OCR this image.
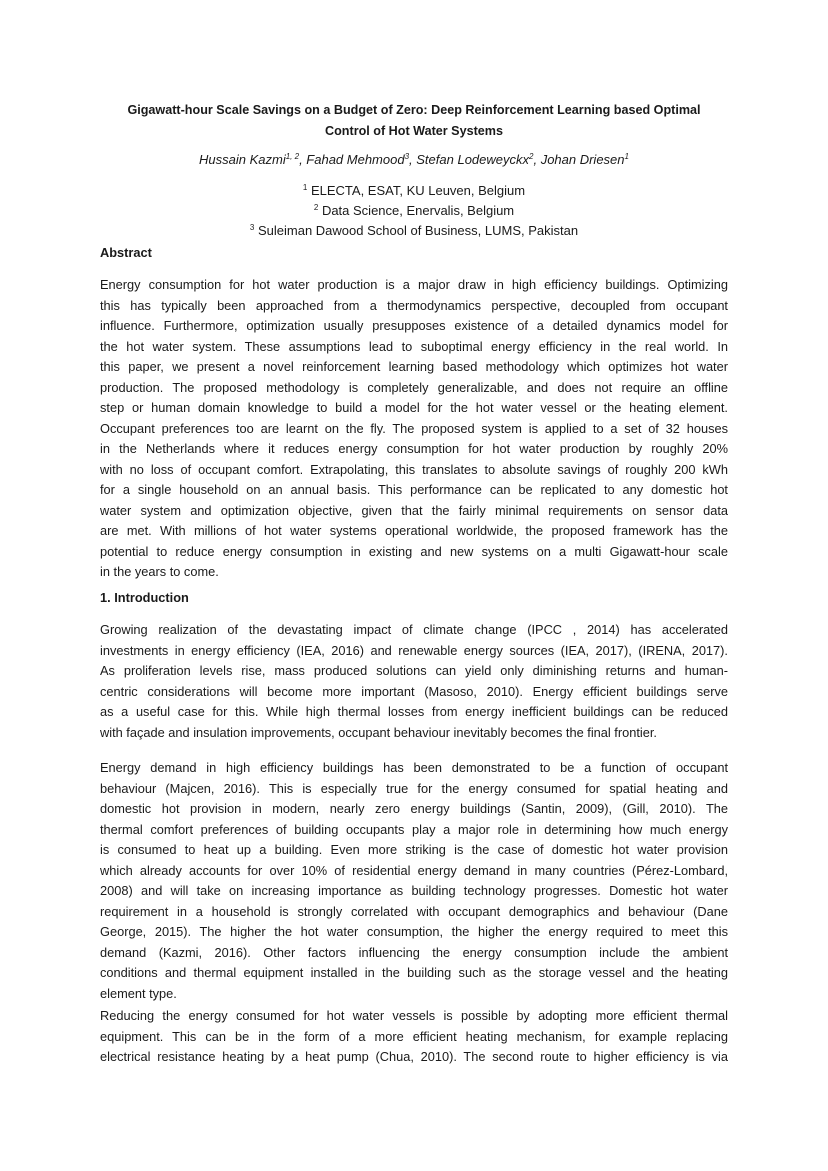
Gigawatt-hour Scale Savings on a Budget of Zero: Deep Reinforcement Learning based Optimal
Control of Hot Water Systems
Hussain Kazmi$^{1, 2}$, Fahad Mehmood$^3$, Stefan Lodeweyckx$^2$, Johan Driesen$^1$
$^1$ ELECTA, ESAT, KU Leuven, Belgium
$^2$ Data Science, Enervalis, Belgium
$^3$ Suleiman Dawood School of Business, LUMS, Pakistan
Abstract
Energy consumption for hot water production is a major draw in high efficiency buildings. Optimizing
this has typically been approached from a thermodynamics perspective, decoupled from occupant
influence. Furthermore, optimization usually presupposes existence of a detailed dynamics model for
the hot water system. These assumptions lead to suboptimal energy efficiency in the real world. In
this paper, we present a novel reinforcement learning based methodology which optimizes hot water
production. The proposed methodology is completely generalizable, and does not require an offline
step or human domain knowledge to build a model for the hot water vessel or the heating element.
Occupant preferences too are learnt on the fly. The proposed system is applied to a set of 32 houses
in the Netherlands where it reduces energy consumption for hot water production by roughly 20%
with no loss of occupant comfort. Extrapolating, this translates to absolute savings of roughly 200 kWh
for a single household on an annual basis. This performance can be replicated to any domestic hot
water system and optimization objective, given that the fairly minimal requirements on sensor data
are met. With millions of hot water systems operational worldwide, the proposed framework has the
potential to reduce energy consumption in existing and new systems on a multi Gigawatt-hour scale
in the years to come.
1. Introduction
Growing realization of the devastating impact of climate change (IPCC , 2014) has accelerated
investments in energy efficiency (IEA, 2016) and renewable energy sources (IEA, 2017), (IRENA, 2017).
As proliferation levels rise, mass produced solutions can yield only diminishing returns and human-
centric considerations will become more important (Masoso, 2010). Energy efficient buildings serve
as a useful case for this. While high thermal losses from energy inefficient buildings can be reduced
with façade and insulation improvements, occupant behaviour inevitably becomes the final frontier.
Energy demand in high efficiency buildings has been demonstrated to be a function of occupant
behaviour (Majcen, 2016). This is especially true for the energy consumed for spatial heating and
domestic hot provision in modern, nearly zero energy buildings (Santin, 2009), (Gill, 2010). The
thermal comfort preferences of building occupants play a major role in determining how much energy
is consumed to heat up a building. Even more striking is the case of domestic hot water provision
which already accounts for over 10% of residential energy demand in many countries (Pérez-Lombard,
2008) and will take on increasing importance as building technology progresses. Domestic hot water
requirement in a household is strongly correlated with occupant demographics and behaviour (Dane
George, 2015). The higher the hot water consumption, the higher the energy required to meet this
demand (Kazmi, 2016). Other factors influencing the energy consumption include the ambient
conditions and thermal equipment installed in the building such as the storage vessel and the heating
element type.
Reducing the energy consumed for hot water vessels is possible by adopting more efficient thermal
equipment. This can be in the form of a more efficient heating mechanism, for example replacing
electrical resistance heating by a heat pump (Chua, 2010). The second route to higher efficiency is via
